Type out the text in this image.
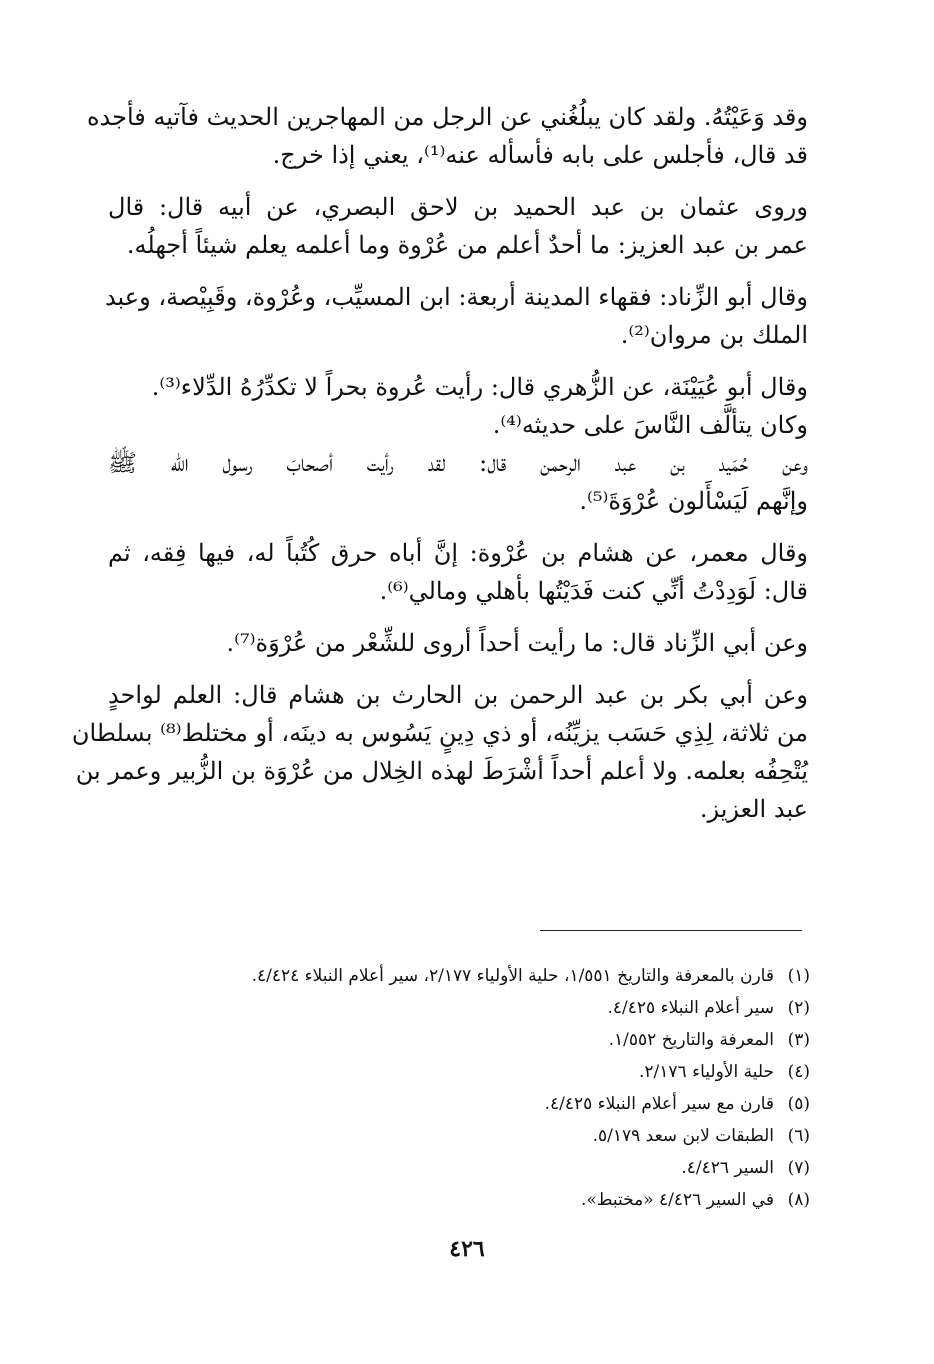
وقد وَعَيْتُهُ. ولقد كان يبلُغُني عن الرجل من المهاجرين الحديث فآتيه فأجده
قد قال، فأجلس على بابه فأسأله عنه⁽¹⁾، يعني إذا خرج.
وروى عثمان بن عبد الحميد بن لاحق البصري، عن أبيه قال: قال
عمر بن عبد العزيز: ما أحدٌ أعلم من عُرْوة وما أعلمه يعلم شيئاً أجهلُه.
وقال أبو الزِّناد: فقهاء المدينة أربعة: ابن المسيِّب، وعُرْوة، وقَبِيْصة، وعبد
الملك بن مروان⁽²⁾.
وقال أبو عُيَيْنَة، عن الزُّهري قال: رأيت عُروة بحراً لا تكدِّرُهُ الدِّلاء⁽³⁾.
وكان يتألَّف النَّاسَ على حديثه⁽⁴⁾.
وعن حُمَيد بن عبد الرحمن قال: لقد رأيت أصحابَ رسول الله ﷺ
وإنَّهم لَيَسْأَلون عُرْوَةَ⁽⁵⁾.
وقال معمر، عن هشام بن عُرْوة: إنَّ أباه حرق كُتُباً له، فيها فِقه، ثم
قال: لَوَدِدْتُ أنِّي كنت فَدَيْتُها بأهلي ومالي⁽⁶⁾.
وعن أبي الزِّناد قال: ما رأيت أحداً أروى للشِّعْر من عُرْوَة⁽⁷⁾.
وعن أبي بكر بن عبد الرحمن بن الحارث بن هشام قال: العلم لواحدٍ
من ثلاثة، لِذِي حَسَب يزيِّنُه، أو ذي دِينٍ يَسُوس به دينَه، أو مختلط⁽⁸⁾ بسلطان
يُتْحِفُه بعلمه. ولا أعلم أحداً أشْرَطَ لهذه الخِلال من عُرْوَة بن الزُّبير وعمر بن
عبد العزيز.
(١)
قارن بالمعرفة والتاريخ ١/٥٥١، حلية الأولياء ٢/١٧٧، سير أعلام النبلاء ٤/٤٢٤.
(٢)
سير أعلام النبلاء ٤/٤٢٥.
(٣)
المعرفة والتاريخ ١/٥٥٢.
(٤)
حلية الأولياء ٢/١٧٦.
(٥)
قارن مع سير أعلام النبلاء ٤/٤٢٥.
(٦)
الطبقات لابن سعد ٥/١٧٩.
(٧)
السير ٤/٤٢٦.
(٨)
في السير ٤/٤٢٦ «مختبط».
٤٢٦
